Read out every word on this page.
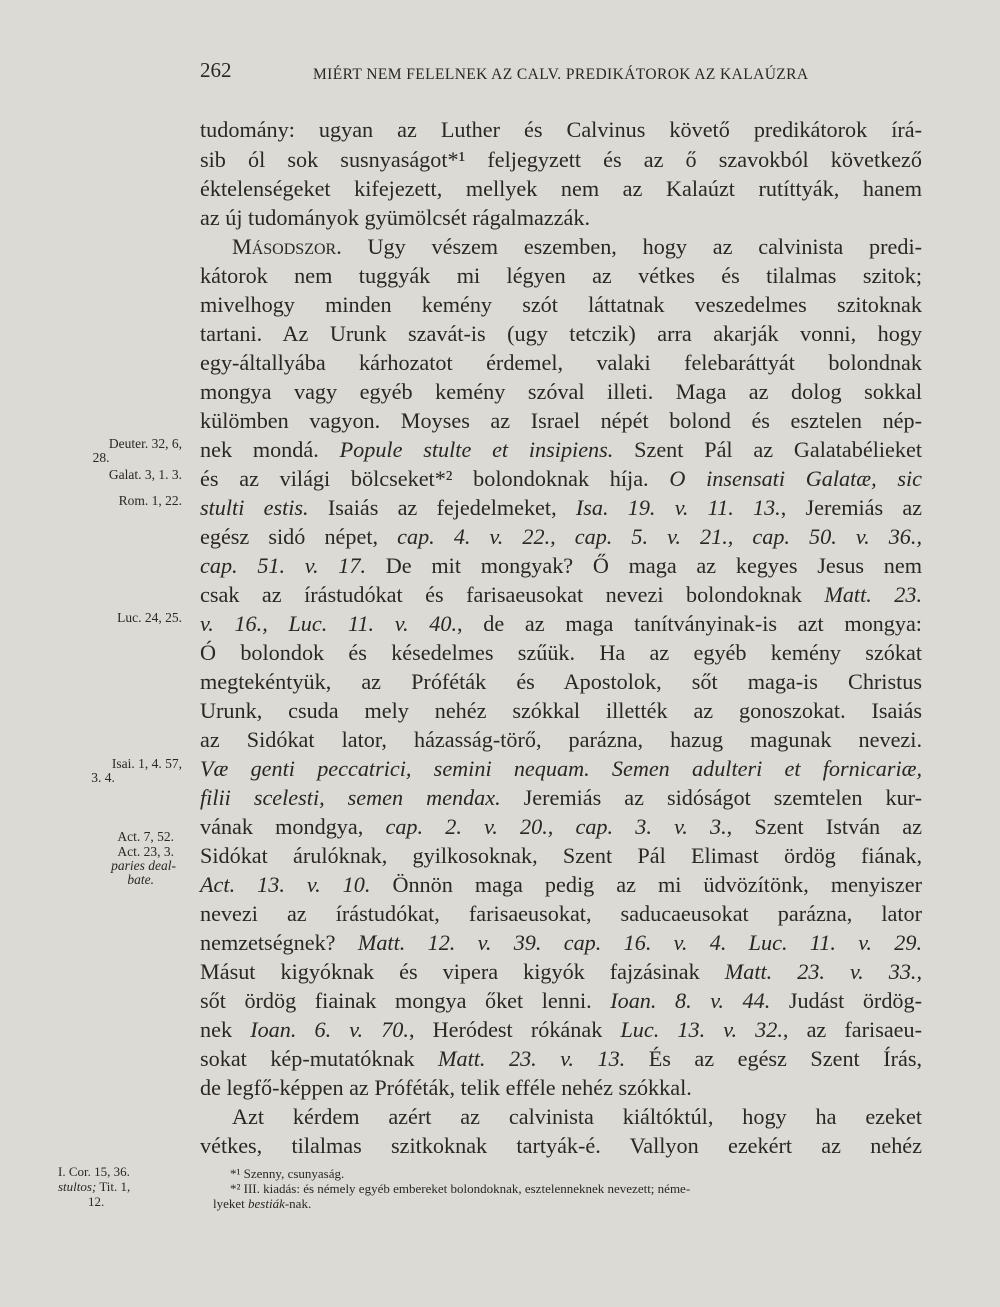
262	MIÉRT NEM FELELNEK AZ CALV. PREDIKÁTOROK AZ KALAÚZRA
tudomány: ugyan az Luther és Calvinus követő predikátorok írá-
sib ól sok susnyaságot*¹ feljegyzett és az ő szavokból következő
éktelenségeket kifejezett, mellyek nem az Kalaúzt rutíttyák, hanem
az új tudományok gyümölcsét rágalmazzák.
Másodszor. Ugy vészem eszemben, hogy az calvinista predi-
kátorok nem tuggyák mi légyen az vétkes és tilalmas szitok;
mivelhogy minden kemény szót láttatnak veszedelmes szitoknak
tartani. Az Urunk szavát-is (ugy tetczik) arra akarják vonni, hogy
egy-általlyába kárhozatot érdemel, valaki felebaráttyát bolondnak
mongya vagy egyéb kemény szóval illeti. Maga az dolog sokkal
külömben vagyon. Moyses az Israel népét bolond és esztelen nép-
nek mondá. Popule stulte et insipiens. Szent Pál az Galatabélieket
és az világi bölcseket*² bolondoknak híja. O insensati Galatæ, sic
stulti estis. Isaiás az fejedelmeket, Isa. 19. v. 11. 13., Jeremiás az
egész sidó népet, cap. 4. v. 22., cap. 5. v. 21., cap. 50. v. 36.,
cap. 51. v. 17. De mit mongyak? Ő maga az kegyes Jesus nem
csak az írástudókat és farisaeusokat nevezi bolondoknak Matt. 23.
v. 16., Luc. 11. v. 40., de az maga tanítványinak-is azt mongya:
Ó bolondok és késedelmes szűük. Ha az egyéb kemény szókat
megtekéntyük, az Próféták és Apostolok, sőt maga-is Christus
Urunk, csuda mely nehéz szókkal illették az gonoszokat. Isaiás
az Sidókat lator, házasság-törő, parázna, hazug magunak nevezi.
Væ genti peccatrici, semini nequam. Semen adulteri et fornicariæ,
filii scelesti, semen mendax. Jeremiás az sidóságot szemtelen kur-
vának mondgya, cap. 2. v. 20., cap. 3. v. 3., Szent István az
Sidókat árulóknak, gyilkosoknak, Szent Pál Elimast ördög fiának,
Act. 13. v. 10. Önnön maga pedig az mi üdvözítönk, menyiszer
nevezi az írástudókat, farisaeusokat, saducaeusokat parázna, lator
nemzetségnek? Matt. 12. v. 39. cap. 16. v. 4. Luc. 11. v. 29.
Másut kigyóknak és vipera kigyók fajzásinak Matt. 23. v. 33.,
sőt ördög fiainak mongya őket lenni. Ioan. 8. v. 44. Judást ördög-
nek Ioan. 6. v. 70., Heródest rókának Luc. 13. v. 32., az farisaeu-
sokat kép-mutatóknak Matt. 23. v. 13. És az egész Szent Írás,
de legfő-képpen az Próféták, telik efféle nehéz szókkal.
Azt kérdem azért az calvinista kiáltóktúl, hogy ha ezeket
vétkes, tilalmas szitkoknak tartyák-é. Vallyon ezekért az nehéz
Deuter. 32, 6,
28.
Galat. 3, 1. 3.
Rom. 1, 22.
Luc. 24, 25.
Isai. 1, 4. 57,
3. 4.
Act. 7, 52.
Act. 23, 3.
paries deal-
bate.
I. Cor. 15, 36.
stultos; Tit. 1,
12.
*¹ Szenny, csunyaság.
*² III. kiadás: és némely egyéb embereket bolondoknak, esztelenneknek nevezett; néme-
lyeket bestiák-nak.
